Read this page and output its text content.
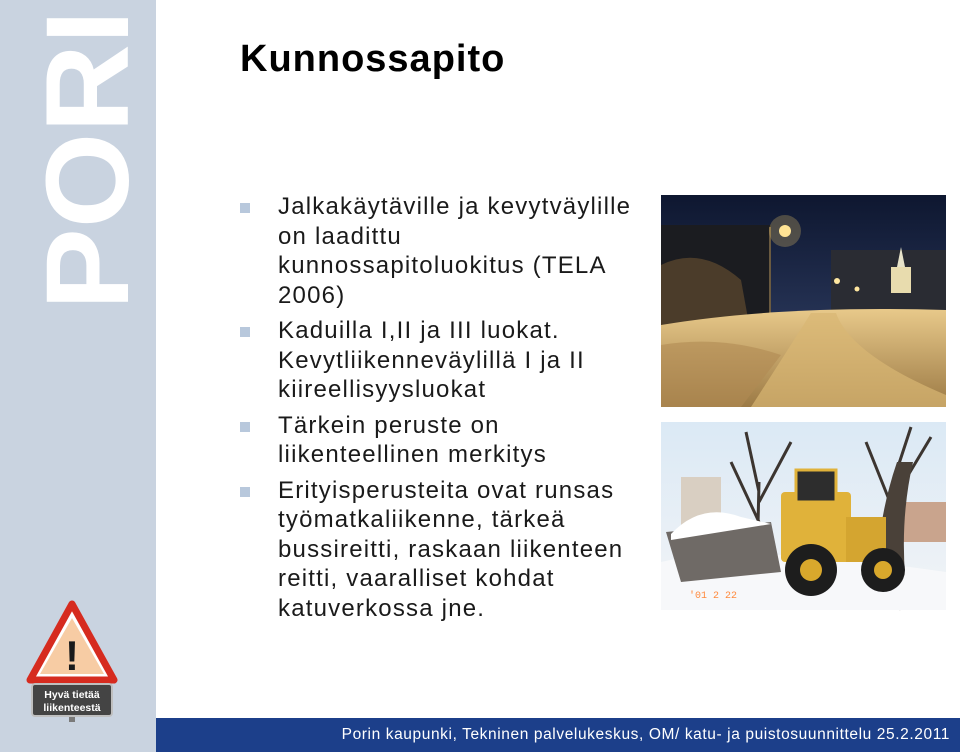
PORI
!
Hyvä tietää
liikenteestä
Kunnossapito
Jalkakäytäville ja kevytväylille on laadittu kunnossapitoluokitus (TELA 2006)
Kaduilla I,II ja III luokat. Kevytliikenneväylillä I ja II kiireellisyysluokat
Tärkein peruste on liikenteellinen merkitys
Erityisperusteita ovat runsas työmatkaliikenne, tärkeä bussireitti, raskaan liikenteen reitti, vaaralliset kohdat katuverkossa jne.	'01 2 22
Porin kaupunki, Tekninen palvelukeskus, OM/ katu- ja puistosuunnittelu 25.2.2011
